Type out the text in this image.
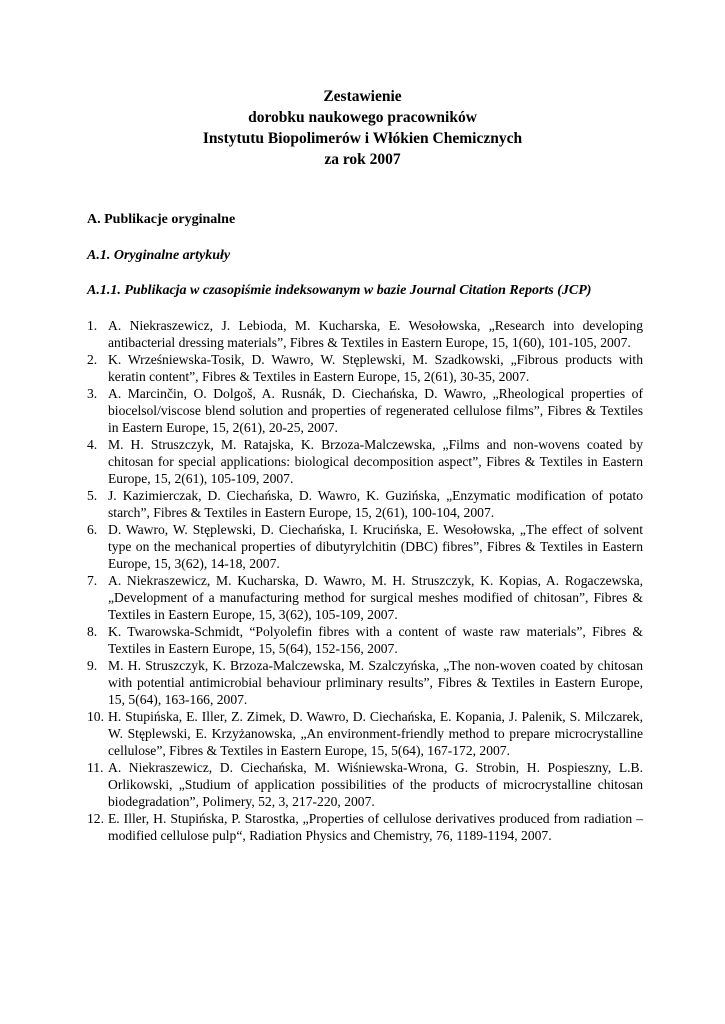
Zestawienie
dorobku naukowego pracowników
Instytutu Biopolimerów i Włókien Chemicznych
za rok 2007
A. Publikacje oryginalne
A.1. Oryginalne artykuły
A.1.1. Publikacja w czasopiśmie indeksowanym w bazie Journal Citation Reports (JCP)
1. A. Niekraszewicz, J. Lebioda, M. Kucharska, E. Wesołowska, „Research into developing antibacterial dressing materials”, Fibres & Textiles in Eastern Europe, 15, 1(60), 101-105, 2007.
2. K. Wrześniewska-Tosik, D. Wawro, W. Stęplewski, M. Szadkowski, „Fibrous products with keratin content”, Fibres & Textiles in Eastern Europe, 15, 2(61), 30-35, 2007.
3. A. Marcinčin, O. Dolgoš, A. Rusnák, D. Ciechańska, D. Wawro, „Rheological properties of biocelsol/viscose blend solution and properties of regenerated cellulose films”, Fibres & Textiles in Eastern Europe, 15, 2(61), 20-25, 2007.
4. M. H. Struszczyk, M. Ratajska, K. Brzoza-Malczewska, „Films and non-wovens coated by chitosan for special applications: biological decomposition aspect”, Fibres & Textiles in Eastern Europe, 15, 2(61), 105-109, 2007.
5. J. Kazimierczak, D. Ciechańska, D. Wawro, K. Guzińska, „Enzymatic modification of potato starch”, Fibres & Textiles in Eastern Europe, 15, 2(61), 100-104, 2007.
6. D. Wawro, W. Stęplewski, D. Ciechańska, I. Krucińska, E. Wesołowska, „The effect of solvent type on the mechanical properties of dibutyrylchitin (DBC) fibres”, Fibres & Textiles in Eastern Europe, 15, 3(62), 14-18, 2007.
7. A. Niekraszewicz, M. Kucharska, D. Wawro, M. H. Struszczyk, K. Kopias, A. Rogaczewska, „Development of a manufacturing method for surgical meshes modified of chitosan”, Fibres & Textiles in Eastern Europe, 15, 3(62), 105-109, 2007.
8. K. Twarowska-Schmidt, “Polyolefin fibres with a content of waste raw materials”, Fibres & Textiles in Eastern Europe, 15, 5(64), 152-156, 2007.
9. M. H. Struszczyk, K. Brzoza-Malczewska, M. Szalczyńska, „The non-woven coated by chitosan with potential antimicrobial behaviour prliminary results”, Fibres & Textiles in Eastern Europe, 15, 5(64), 163-166, 2007.
10. H. Stupińska, E. Iller, Z. Zimek, D. Wawro, D. Ciechańska, E. Kopania, J. Palenik, S. Milczarek, W. Stęplewski, E. Krzyżanowska, „An environment-friendly method to prepare microcrystalline cellulose”, Fibres & Textiles in Eastern Europe, 15, 5(64), 167-172, 2007.
11. A. Niekraszewicz, D. Ciechańska, M. Wiśniewska-Wrona, G. Strobin, H. Pospieszny, L.B. Orlikowski, „Studium of application possibilities of the products of microcrystalline chitosan biodegradation”, Polimery, 52, 3, 217-220, 2007.
12. E. Iller, H. Stupińska, P. Starostka, „Properties of cellulose derivatives produced from radiation – modified cellulose pulp“, Radiation Physics and Chemistry, 76, 1189-1194, 2007.
